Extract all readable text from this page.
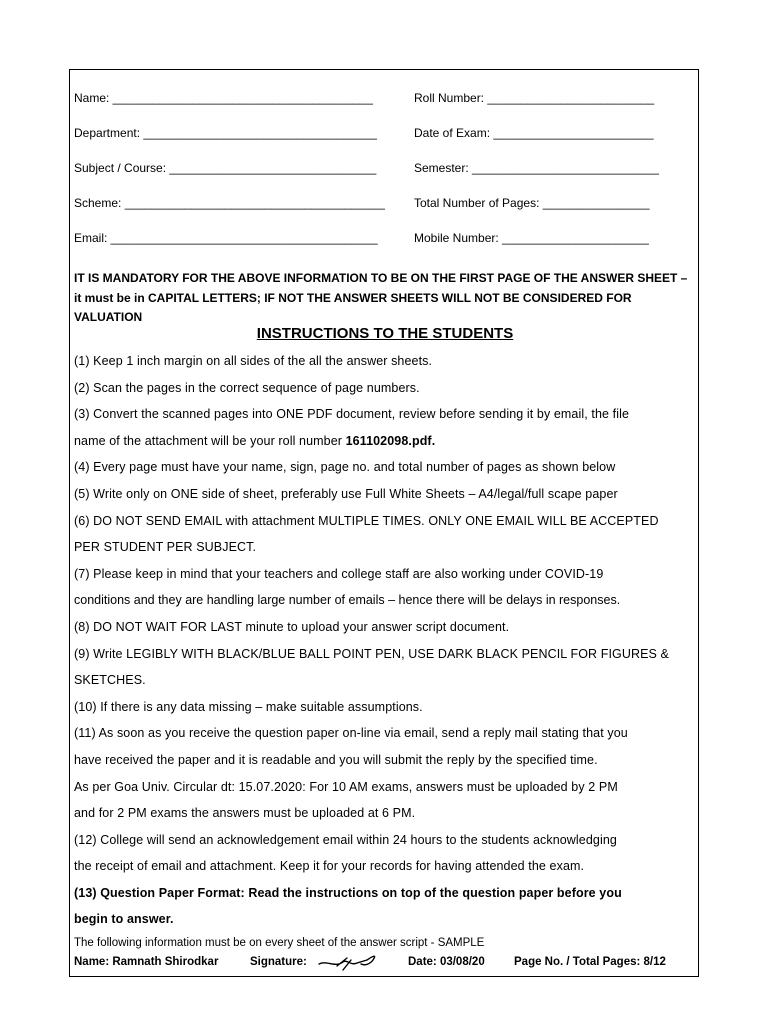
Name: _______________________________________	Roll Number: _________________________
Department: ___________________________________	Date of Exam: ________________________
Subject / Course: _______________________________	Semester: ____________________________
Scheme: _______________________________________ Total Number of Pages: ________________
Email: ________________________________________	Mobile Number: ______________________
IT IS MANDATORY FOR THE ABOVE INFORMATION TO BE ON THE FIRST PAGE OF THE ANSWER SHEET – it must be in CAPITAL LETTERS; IF NOT THE ANSWER SHEETS WILL NOT BE CONSIDERED FOR VALUATION
INSTRUCTIONS TO THE STUDENTS
(1) Keep 1 inch margin on all sides of the all the answer sheets.
(2) Scan the pages in the correct sequence of page numbers.
(3) Convert the scanned pages into ONE PDF document, review before sending it by email, the file
name of the attachment will be your roll number 161102098.pdf.
(4) Every page must have your name, sign, page no. and total number of pages as shown below
(5) Write only on ONE side of sheet, preferably use Full White Sheets – A4/legal/full scape paper
(6) DO NOT SEND EMAIL with attachment MULTIPLE TIMES. ONLY ONE EMAIL WILL BE ACCEPTED
PER STUDENT PER SUBJECT.
(7) Please keep in mind that your teachers and college staff are also working under COVID-19
conditions and they are handling large number of emails – hence there will be delays in responses.
(8) DO NOT WAIT FOR LAST minute to upload your answer script document.
(9) Write LEGIBLY WITH BLACK/BLUE BALL POINT PEN, USE DARK BLACK PENCIL FOR FIGURES &
SKETCHES.
(10) If there is any data missing – make suitable assumptions.
(11) As soon as you receive the question paper on-line via email, send a reply mail stating that you
have received the paper and it is readable and you will submit the reply by the specified time.
As per Goa Univ. Circular dt: 15.07.2020: For 10 AM exams, answers must be uploaded by 2 PM
and for 2 PM exams the answers must be uploaded at 6 PM.
(12) College will send an acknowledgement email within 24 hours to the students acknowledging
the receipt of email and attachment. Keep it for your records for having attended the exam.
(13) Question Paper Format: Read the instructions on top of the question paper before you
begin to answer.
The following information must be on every sheet of the answer script - SAMPLE
Name: Ramnath Shirodkar	Signature:	Date: 03/08/20	Page No. / Total Pages: 8/12
